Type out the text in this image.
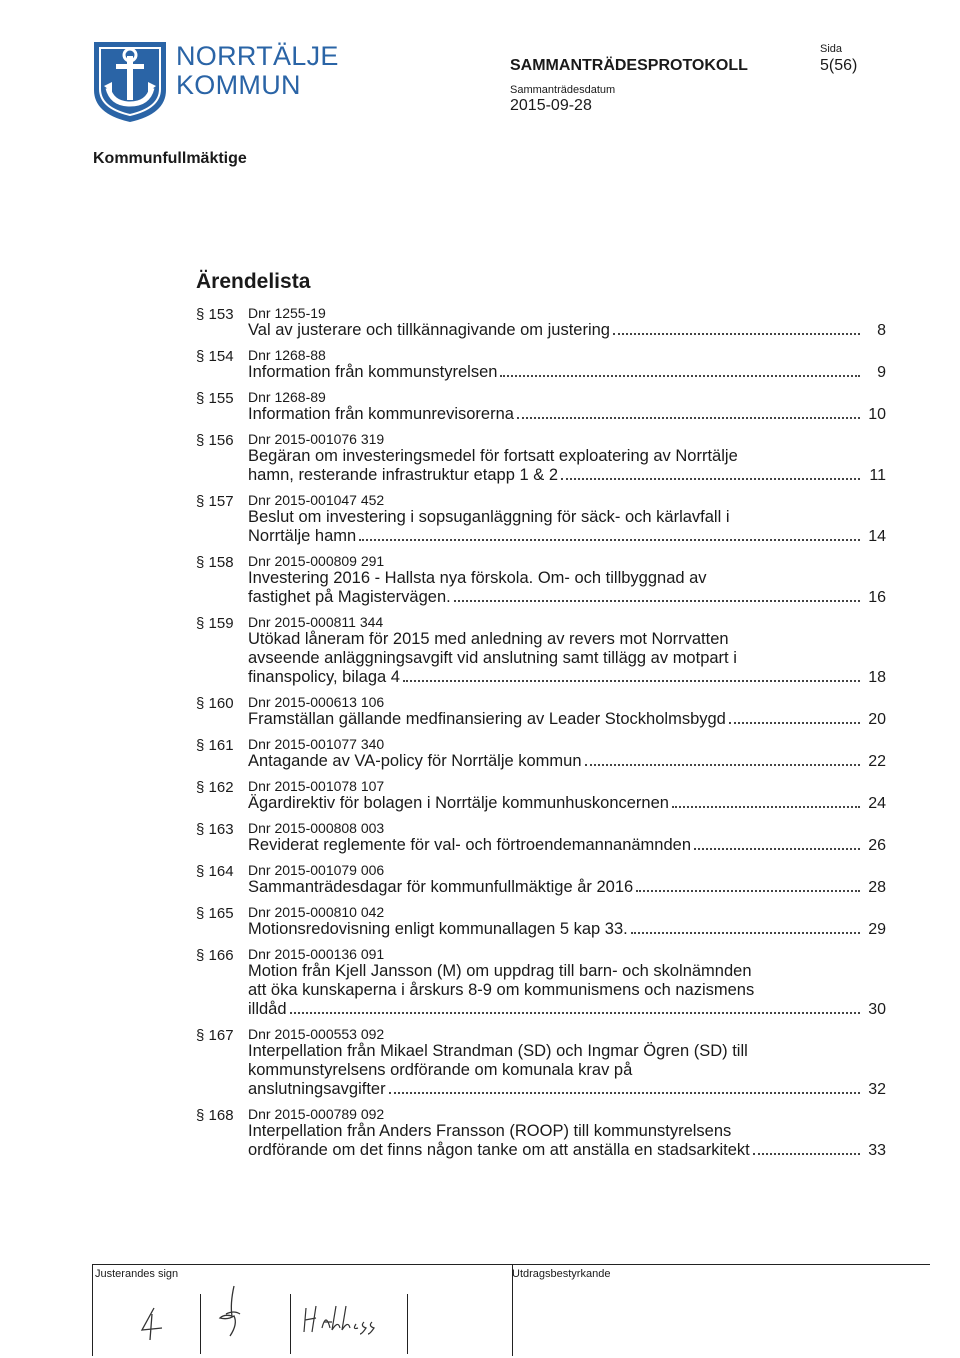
NORRTÄLJE
KOMMUN
SAMMANTRÄDESPROTOKOLL
Sammanträdesdatum
2015-09-28
Sida
5(56)
Kommunfullmäktige
Ärendelista
§ 153	Dnr 1255-19
Val av justerare och tillkännagivande om justering	8
§ 154	Dnr 1268-88
Information från kommunstyrelsen	9
§ 155	Dnr 1268-89
Information från kommunrevisorerna	10
§ 156	Dnr 2015-001076 319
Begäran om investeringsmedel för fortsatt exploatering av Norrtälje
hamn, resterande infrastruktur etapp 1 & 2	11
§ 157	Dnr 2015-001047 452
Beslut om investering i sopsuganläggning för säck- och kärlavfall i
Norrtälje hamn	14
§ 158	Dnr 2015-000809 291
Investering 2016 - Hallsta nya förskola. Om- och tillbyggnad av
fastighet på Magistervägen.	16
§ 159	Dnr 2015-000811 344
Utökad låneram för 2015 med anledning av revers mot Norrvatten
avseende anläggningsavgift vid anslutning samt tillägg av motpart i
finanspolicy, bilaga 4	18
§ 160	Dnr 2015-000613 106
Framställan gällande medfinansiering av Leader Stockholmsbygd	20
§ 161	Dnr 2015-001077 340
Antagande av VA-policy för Norrtälje kommun	22
§ 162	Dnr 2015-001078 107
Ägardirektiv för bolagen i Norrtälje kommunhuskoncernen	24
§ 163	Dnr 2015-000808 003
Reviderat reglemente för val- och förtroendemannanämnden	26
§ 164	Dnr 2015-001079 006
Sammanträdesdagar för kommunfullmäktige år 2016	28
§ 165	Dnr 2015-000810 042
Motionsredovisning enligt kommunallagen 5 kap 33.	29
§ 166	Dnr 2015-000136 091
Motion från Kjell Jansson (M) om uppdrag till barn- och skolnämnden
att öka kunskaperna i årskurs 8-9 om kommunismens och nazismens
illdåd	30
§ 167	Dnr 2015-000553 092
Interpellation från Mikael Strandman (SD) och Ingmar Ögren (SD) till
kommunstyrelsens ordförande om komunala krav på
anslutningsavgifter	32
§ 168	Dnr 2015-000789 092
Interpellation från Anders Fransson (ROOP) till kommunstyrelsens
ordförande om det finns någon tanke om att anställa en stadsarkitekt	33
Justerandes sign	Utdragsbestyrkande
